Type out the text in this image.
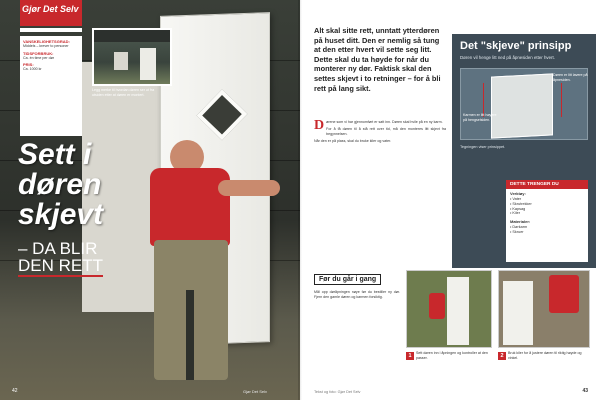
Gjør Det Selv
VANSKELIGHETSGRAD:
Middels – krever to personer
TIDSFORBRUK:
Ca. én time per dør
PRIS:
Ca. 1000 kr
Legg merke til hvordan døren ser ut fra utsiden etter at døren er montert.
Sett i
døren
skjevt
– DA BLIR
DEN RETT
42	Gjør Det Selv
Alt skal sitte rett, unntatt ytterdøren på huset ditt. Den er nemlig så tung at den etter hvert vil sette seg litt. Dette skal du ta høyde for når du monterer ny dør. Faktisk skal den settes skjevt i to retninger – for å bli rett på lang sikt.

Dørene som vi har gjennomført er satt inn. Døren skal hvile på en ny karm.

For å få døren til å stå rett over tid, må den monteres litt skjevt fra begynnelsen.

Når den er på plass, skal du bruke kiler og vater.

Det "skjeve" prinsipp
Døren vil henge litt ned på åpnesiden etter hvert.
Karmen er litt høyere på hengselsiden.
Døren er litt lavere på åpnesiden.
Tegningen viser prinsippet.
DETTE TRENGER DU
Verktøy:
• Vater
• Skrutrekker
• Kapsag
• Kiler
Materialer:
• Dørkarm
• Skruer
Før du går i gang
Mål opp døråpningen nøye før du bestiller ny dør. Fjern den gamle døren og karmen forsiktig.
1	Sett døren inn i åpningen og kontroller at den passer.	2	Bruk kiler for å justere døren til riktig høyde og vinkel.
Tekst og foto: Gjør Det Selv	43
